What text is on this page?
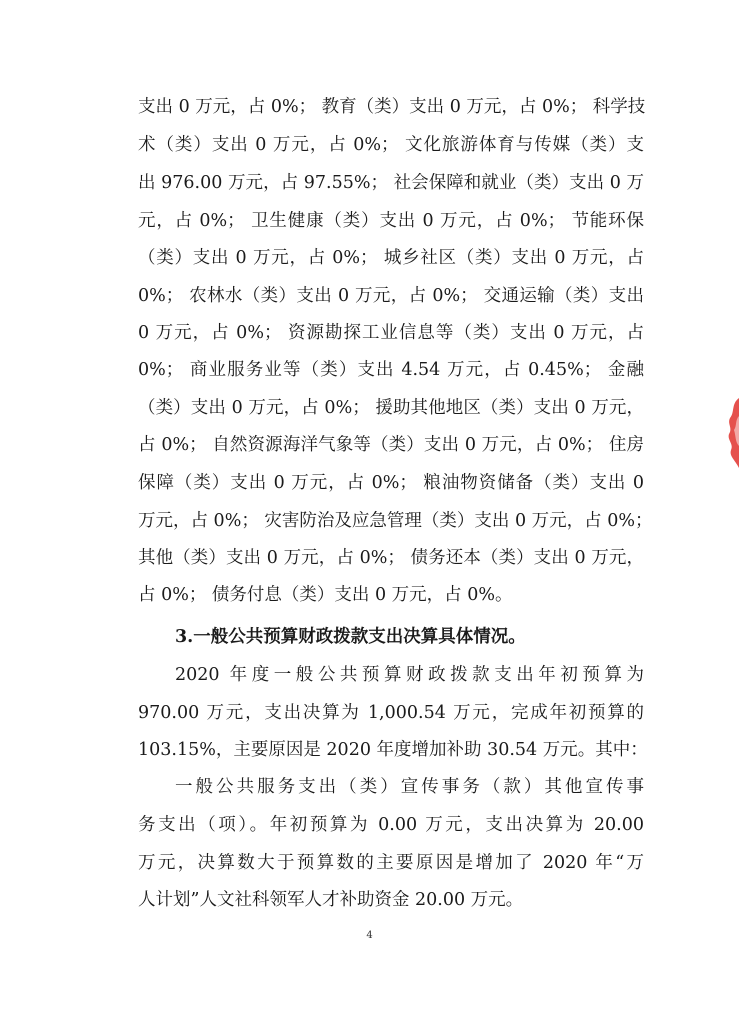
支出 0 万元，占 0%； 教育（类）支出 0 万元，占 0%； 科学技
术（类）支出 0 万元，占 0%； 文化旅游体育与传媒（类）支
出 976.00 万元，占 97.55%； 社会保障和就业（类）支出 0 万
元，占 0%； 卫生健康（类）支出 0 万元，占 0%； 节能环保
（类）支出 0 万元，占 0%； 城乡社区（类）支出 0 万元，占
0%； 农林水（类）支出 0 万元，占 0%； 交通运输（类）支出
0 万元，占 0%； 资源勘探工业信息等（类）支出 0 万元，占
0%； 商业服务业等（类）支出 4.54 万元，占 0.45%； 金融
（类）支出 0 万元，占 0%； 援助其他地区（类）支出 0 万元，
占 0%； 自然资源海洋气象等（类）支出 0 万元，占 0%； 住房
保障（类）支出 0 万元，占 0%； 粮油物资储备（类）支出 0
万元，占 0%； 灾害防治及应急管理（类）支出 0 万元，占 0%；
其他（类）支出 0 万元，占 0%； 债务还本（类）支出 0 万元，
占 0%； 债务付息（类）支出 0 万元，占 0%。
3.一般公共预算财政拨款支出决算具体情况。
2020 年度一般公共预算财政拨款支出年初预算为
970.00 万元，支出决算为 1,000.54 万元，完成年初预算的
103.15%，主要原因是 2020 年度增加补助 30.54 万元。其中：
一般公共服务支出（类）宣传事务（款）其他宣传事
务支出（项）。年初预算为 0.00 万元，支出决算为 20.00
万元，决算数大于预算数的主要原因是增加了 2020 年“万
人计划”人文社科领军人才补助资金 20.00 万元。
4
